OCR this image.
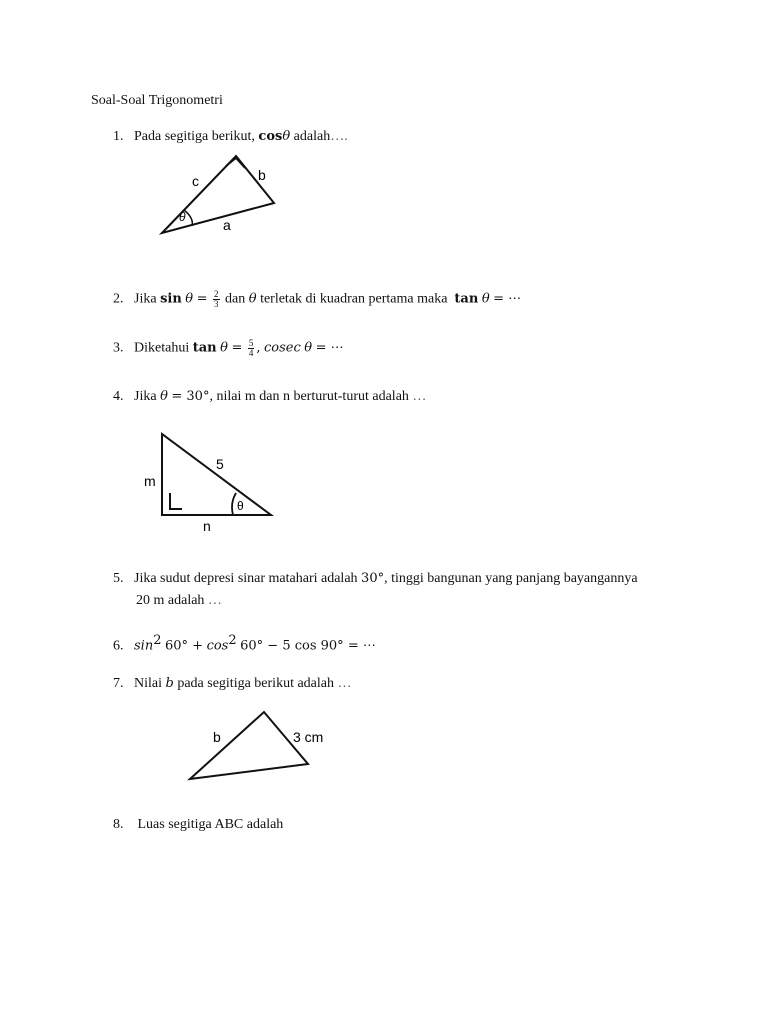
Soal-Soal Trigonometri
1. Pada segitiga berikut, cosθ adalah….
c	b
a
θ
2. Jika $\sin \theta = \frac{2}{3}$ dan θ terletak di kuadran pertama maka tan θ = ⋯
3. Diketahui $\tan \theta = \frac{5}{4}$ , cosec θ = ⋯
4. Jika θ = 30°, nilai m dan n berturut-turut adalah …
m
5
n
θ
5. Jika sudut depresi sinar matahari adalah 30°, tinggi bangunan yang panjang bayangannya
20 m adalah …
6. $\sin^2 60^\circ + \cos^2 60^\circ - 5$ cos 90° = ⋯
7. Nilai b pada segitiga berikut adalah …
b	3 cm
8. Luas segitiga ABC adalah
